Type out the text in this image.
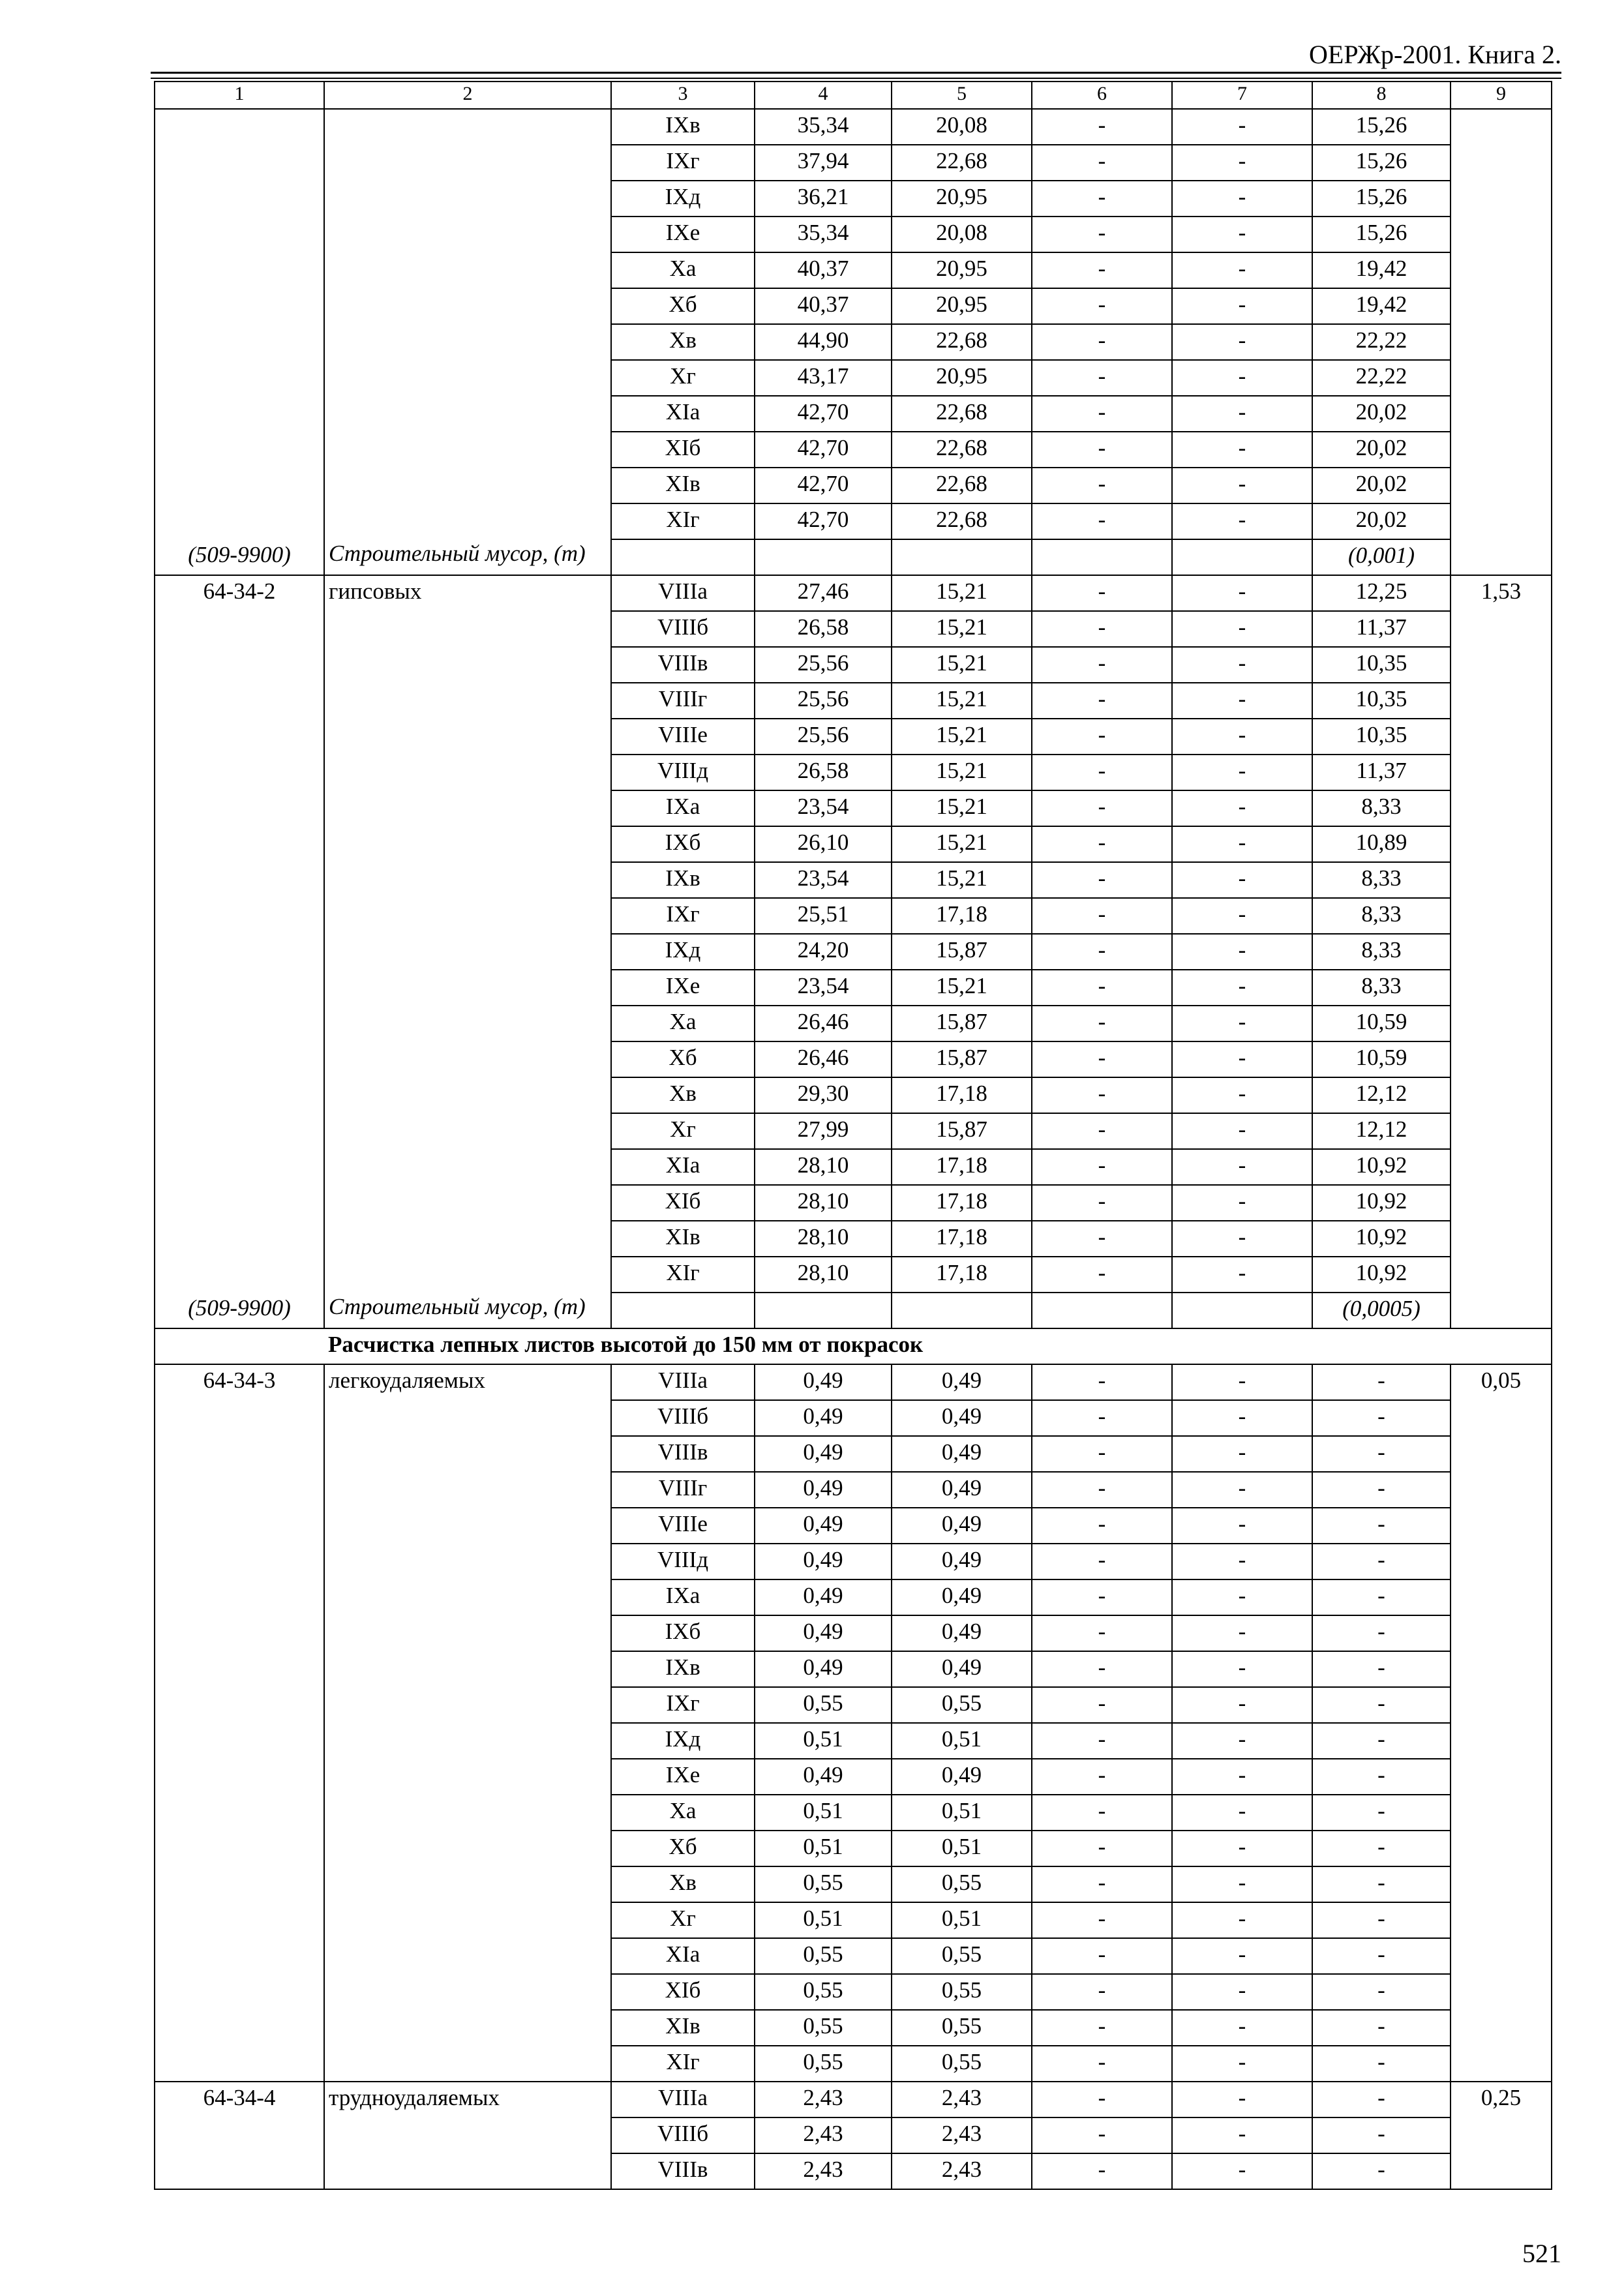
ОЕРЖр-2001. Книга 2.
1	2	3	4	5	6	7	8	9
		IXв	35,34	20,08	-	-	15,26	
		IXг	37,94	22,68	-	-	15,26	
		IXд	36,21	20,95	-	-	15,26	
		IXе	35,34	20,08	-	-	15,26	
		Xа	40,37	20,95	-	-	19,42	
		Xб	40,37	20,95	-	-	19,42	
		Xв	44,90	22,68	-	-	22,22	
		Xг	43,17	20,95	-	-	22,22	
		XIа	42,70	22,68	-	-	20,02	
		XIб	42,70	22,68	-	-	20,02	
		XIв	42,70	22,68	-	-	20,02	
		XIг	42,70	22,68	-	-	20,02	
(509-9900)	Строительный мусор, (т)						(0,001)	
64-34-2	гипсовых	VIIIа	27,46	15,21	-	-	12,25	1,53
		VIIIб	26,58	15,21	-	-	11,37	
		VIIIв	25,56	15,21	-	-	10,35	
		VIIIг	25,56	15,21	-	-	10,35	
		VIIIе	25,56	15,21	-	-	10,35	
		VIIIд	26,58	15,21	-	-	11,37	
		IXа	23,54	15,21	-	-	8,33	
		IXб	26,10	15,21	-	-	10,89	
		IXв	23,54	15,21	-	-	8,33	
		IXг	25,51	17,18	-	-	8,33	
		IXд	24,20	15,87	-	-	8,33	
		IXе	23,54	15,21	-	-	8,33	
		Xа	26,46	15,87	-	-	10,59	
		Xб	26,46	15,87	-	-	10,59	
		Xв	29,30	17,18	-	-	12,12	
		Xг	27,99	15,87	-	-	12,12	
		XIа	28,10	17,18	-	-	10,92	
		XIб	28,10	17,18	-	-	10,92	
		XIв	28,10	17,18	-	-	10,92	
		XIг	28,10	17,18	-	-	10,92	
(509-9900)	Строительный мусор, (т)						(0,0005)	
	Расчистка лепных листов высотой до 150 мм от покрасок							
64-34-3	легкоудаляемых	VIIIа	0,49	0,49	-	-	-	0,05
		VIIIб	0,49	0,49	-	-	-	
		VIIIв	0,49	0,49	-	-	-	
		VIIIг	0,49	0,49	-	-	-	
		VIIIе	0,49	0,49	-	-	-	
		VIIIд	0,49	0,49	-	-	-	
		IXа	0,49	0,49	-	-	-	
		IXб	0,49	0,49	-	-	-	
		IXв	0,49	0,49	-	-	-	
		IXг	0,55	0,55	-	-	-	
		IXд	0,51	0,51	-	-	-	
		IXе	0,49	0,49	-	-	-	
		Xа	0,51	0,51	-	-	-	
		Xб	0,51	0,51	-	-	-	
		Xв	0,55	0,55	-	-	-	
		Xг	0,51	0,51	-	-	-	
		XIа	0,55	0,55	-	-	-	
		XIб	0,55	0,55	-	-	-	
		XIв	0,55	0,55	-	-	-	
		XIг	0,55	0,55	-	-	-	
64-34-4	трудноудаляемых	VIIIа	2,43	2,43	-	-	-	0,25
		VIIIб	2,43	2,43	-	-	-	
		VIIIв	2,43	2,43	-	-	-	
521
